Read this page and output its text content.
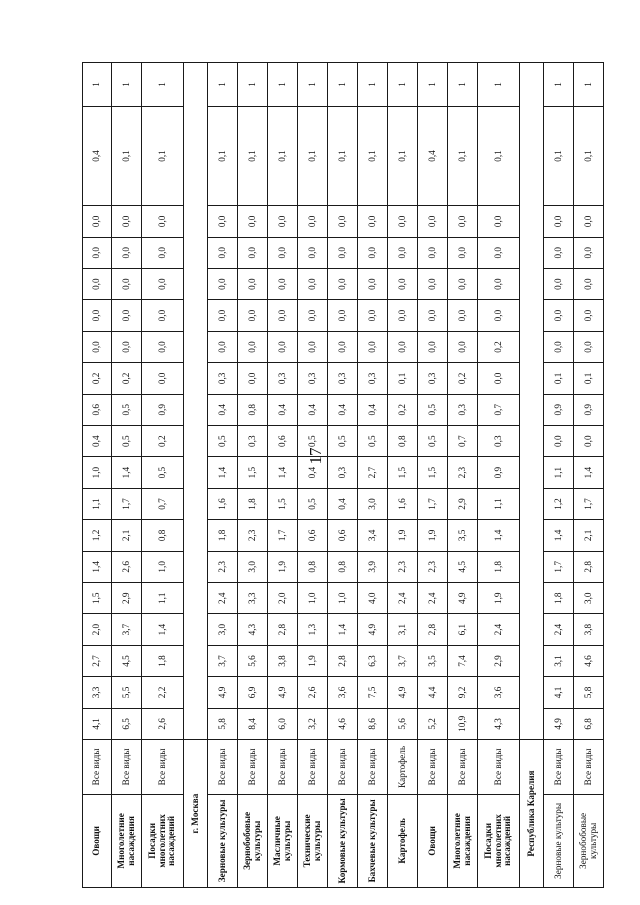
17
Овощи	Все виды	4,1	3,3	2,7	2,0	1,5	1,4	1,2	1,1	1,0	0,4	0,6	0,2	0,0	0,0	0,0	0,0	0,0	0,4	1
Многолетние насаждения	Все виды	6,5	5,5	4,5	3,7	2,9	2,6	2,1	1,7	1,4	0,5	0,5	0,2	0,0	0,0	0,0	0,0	0,0	0,1	1
Посадки многолетних насаждений	Все виды	2,6	2,2	1,8	1,4	1,1	1,0	0,8	0,7	0,5	0,2	0,9	0,0	0,0	0,0	0,0	0,0	0,0	0,1	1
г. Москва																				
Зерновые культуры	Все виды	5,8	4,9	3,7	3,0	2,4	2,3	1,8	1,6	1,4	0,5	0,4	0,3	0,0	0,0	0,0	0,0	0,0	0,1	1
Зернобобовые культуры	Все виды	8,4	6,9	5,6	4,3	3,3	3,0	2,3	1,8	1,5	0,3	0,8	0,0	0,0	0,0	0,0	0,0	0,0	0,1	1
Масличные культуры	Все виды	6,0	4,9	3,8	2,8	2,0	1,9	1,7	1,5	1,4	0,6	0,4	0,3	0,0	0,0	0,0	0,0	0,0	0,1	1
Технические культуры	Все виды	3,2	2,6	1,9	1,3	1,0	0,8	0,6	0,5	0,4	0,5	0,4	0,3	0,0	0,0	0,0	0,0	0,0	0,1	1
Кормовые культуры	Все виды	4,6	3,6	2,8	1,4	1,0	0,8	0,6	0,4	0,3	0,5	0,4	0,3	0,0	0,0	0,0	0,0	0,0	0,1	1
Бахчевые культуры	Все виды	8,6	7,5	6,3	4,9	4,0	3,9	3,4	3,0	2,7	0,5	0,4	0,3	0,0	0,0	0,0	0,0	0,0	0,1	1
Картофель	Картофель	5,6	4,9	3,7	3,1	2,4	2,3	1,9	1,6	1,5	0,8	0,2	0,1	0,0	0,0	0,0	0,0	0,0	0,1	1
Овощи	Все виды	5,2	4,4	3,5	2,8	2,4	2,3	1,9	1,7	1,5	0,5	0,5	0,3	0,0	0,0	0,0	0,0	0,0	0,4	1
Многолетние насаждения	Все виды	10,9	9,2	7,4	6,1	4,9	4,5	3,5	2,9	2,3	0,7	0,3	0,2	0,0	0,0	0,0	0,0	0,0	0,1	1
Посадки многолетних насаждений	Все виды	4,3	3,6	2,9	2,4	1,9	1,8	1,4	1,1	0,9	0,3	0,7	0,0	0,2	0,0	0,0	0,0	0,0	0,1	1
Республика Карелия																				
Зерновые культуры	Все виды	4,9	4,1	3,1	2,4	1,8	1,7	1,4	1,2	1,1	0,0	0,9	0,1	0,0	0,0	0,0	0,0	0,0	0,1	1
Зернобобовые культуры	Все виды	6,8	5,8	4,6	3,8	3,0	2,8	2,1	1,7	1,4	0,0	0,9	0,1	0,0	0,0	0,0	0,0	0,0	0,1	1
